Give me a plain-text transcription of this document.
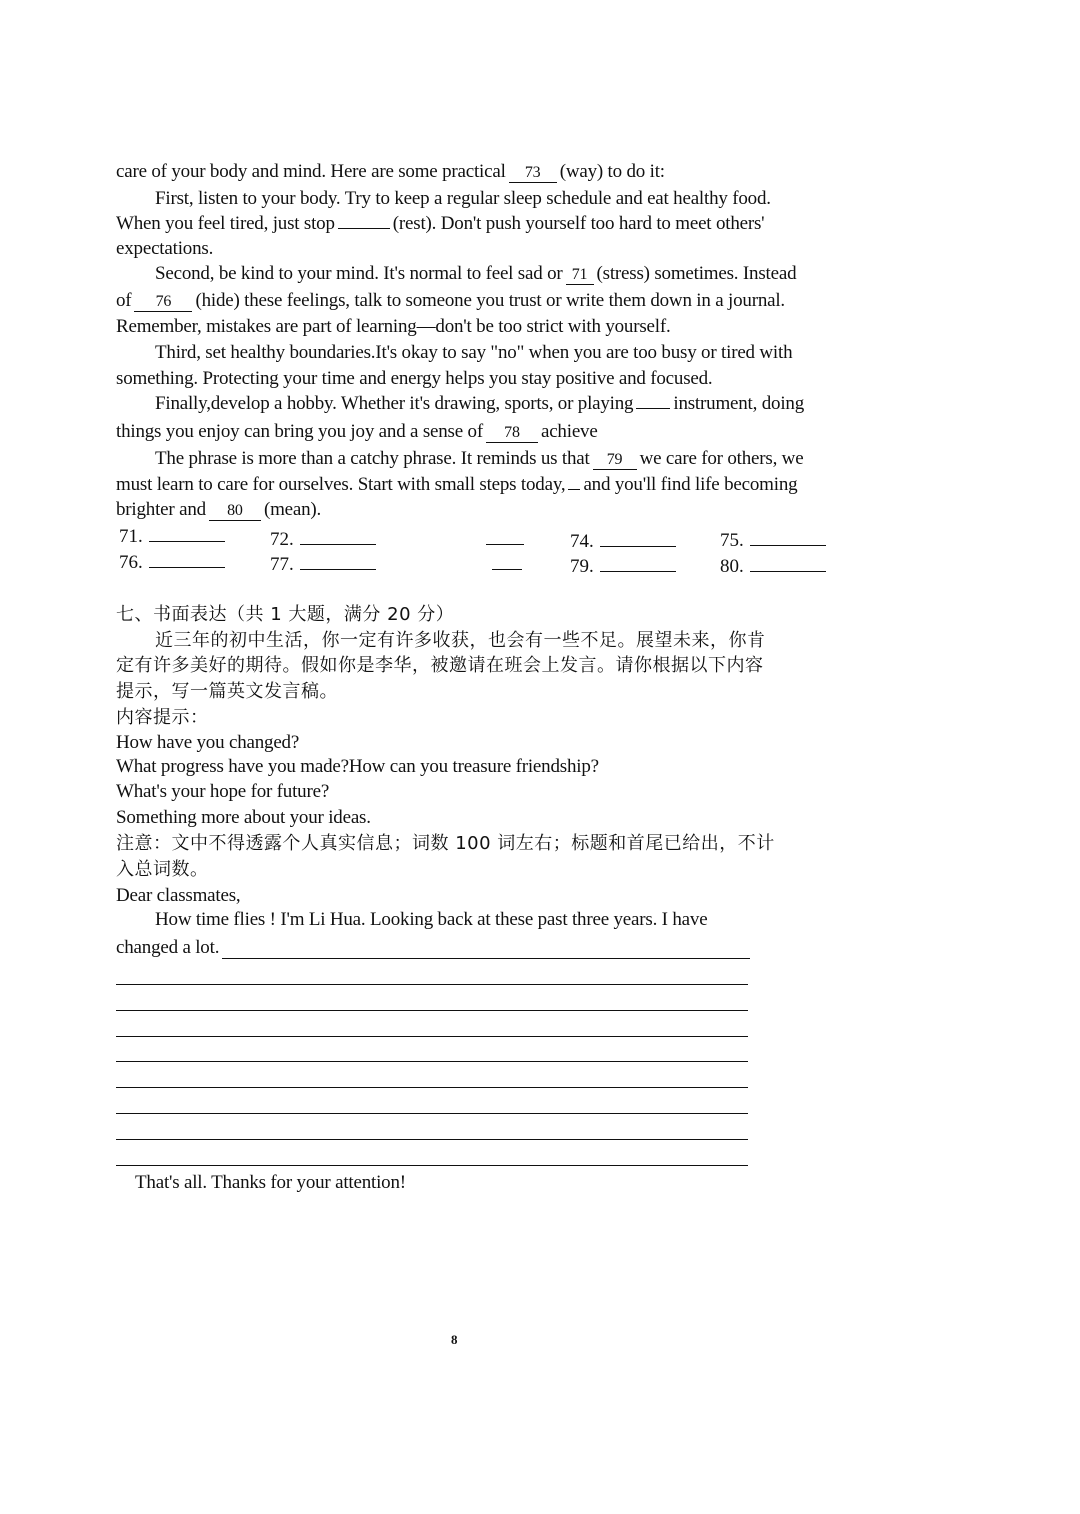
care of your body and mind. Here are some practical 73 (way) to do it:
First, listen to your body. Try to keep a regular sleep schedule and eat healthy food.
When you feel tired, just stop	(rest). Don't push yourself too hard to meet others'
expectations.
Second, be kind to your mind. It's normal to feel sad or 71 (stress) sometimes. Instead
of 76 (hide) these feelings, talk to someone you trust or write them down in a journal.
Remember, mistakes are part of learning—don't be too strict with yourself.
Third, set healthy boundaries.It's okay to say "no" when you are too busy or tired with
something. Protecting your time and energy helps you stay positive and focused.
Finally,develop a hobby. Whether it's drawing, sports, or playing instrument, doing
things you enjoy can bring you joy and a sense of 78 achieve
The phrase is more than a catchy phrase. It reminds us that 79 we care for others, we
must learn to care for ourselves. Start with small steps today, and you'll find life becoming
brighter and 80 (mean).
71.	72.	74.	75.
76.	77.	79.	80.
七、书面表达（共 1 大题，满分 20 分）
近三年的初中生活，你一定有许多收获，也会有一些不足。展望未来，你肯
定有许多美好的期待。假如你是李华，被邀请在班会上发言。请你根据以下内容
提示，写一篇英文发言稿。
内容提示：
How have you changed?
What progress have you made?How can you treasure friendship?
What's your hope for future?
Something more about your ideas.
注意：文中不得透露个人真实信息；词数 100 词左右；标题和首尾已给出，不计
入总词数。
Dear classmates,
How time flies ! I'm Li Hua. Looking back at these past three years. I have
changed a lot.
That's all. Thanks for your attention!
8
